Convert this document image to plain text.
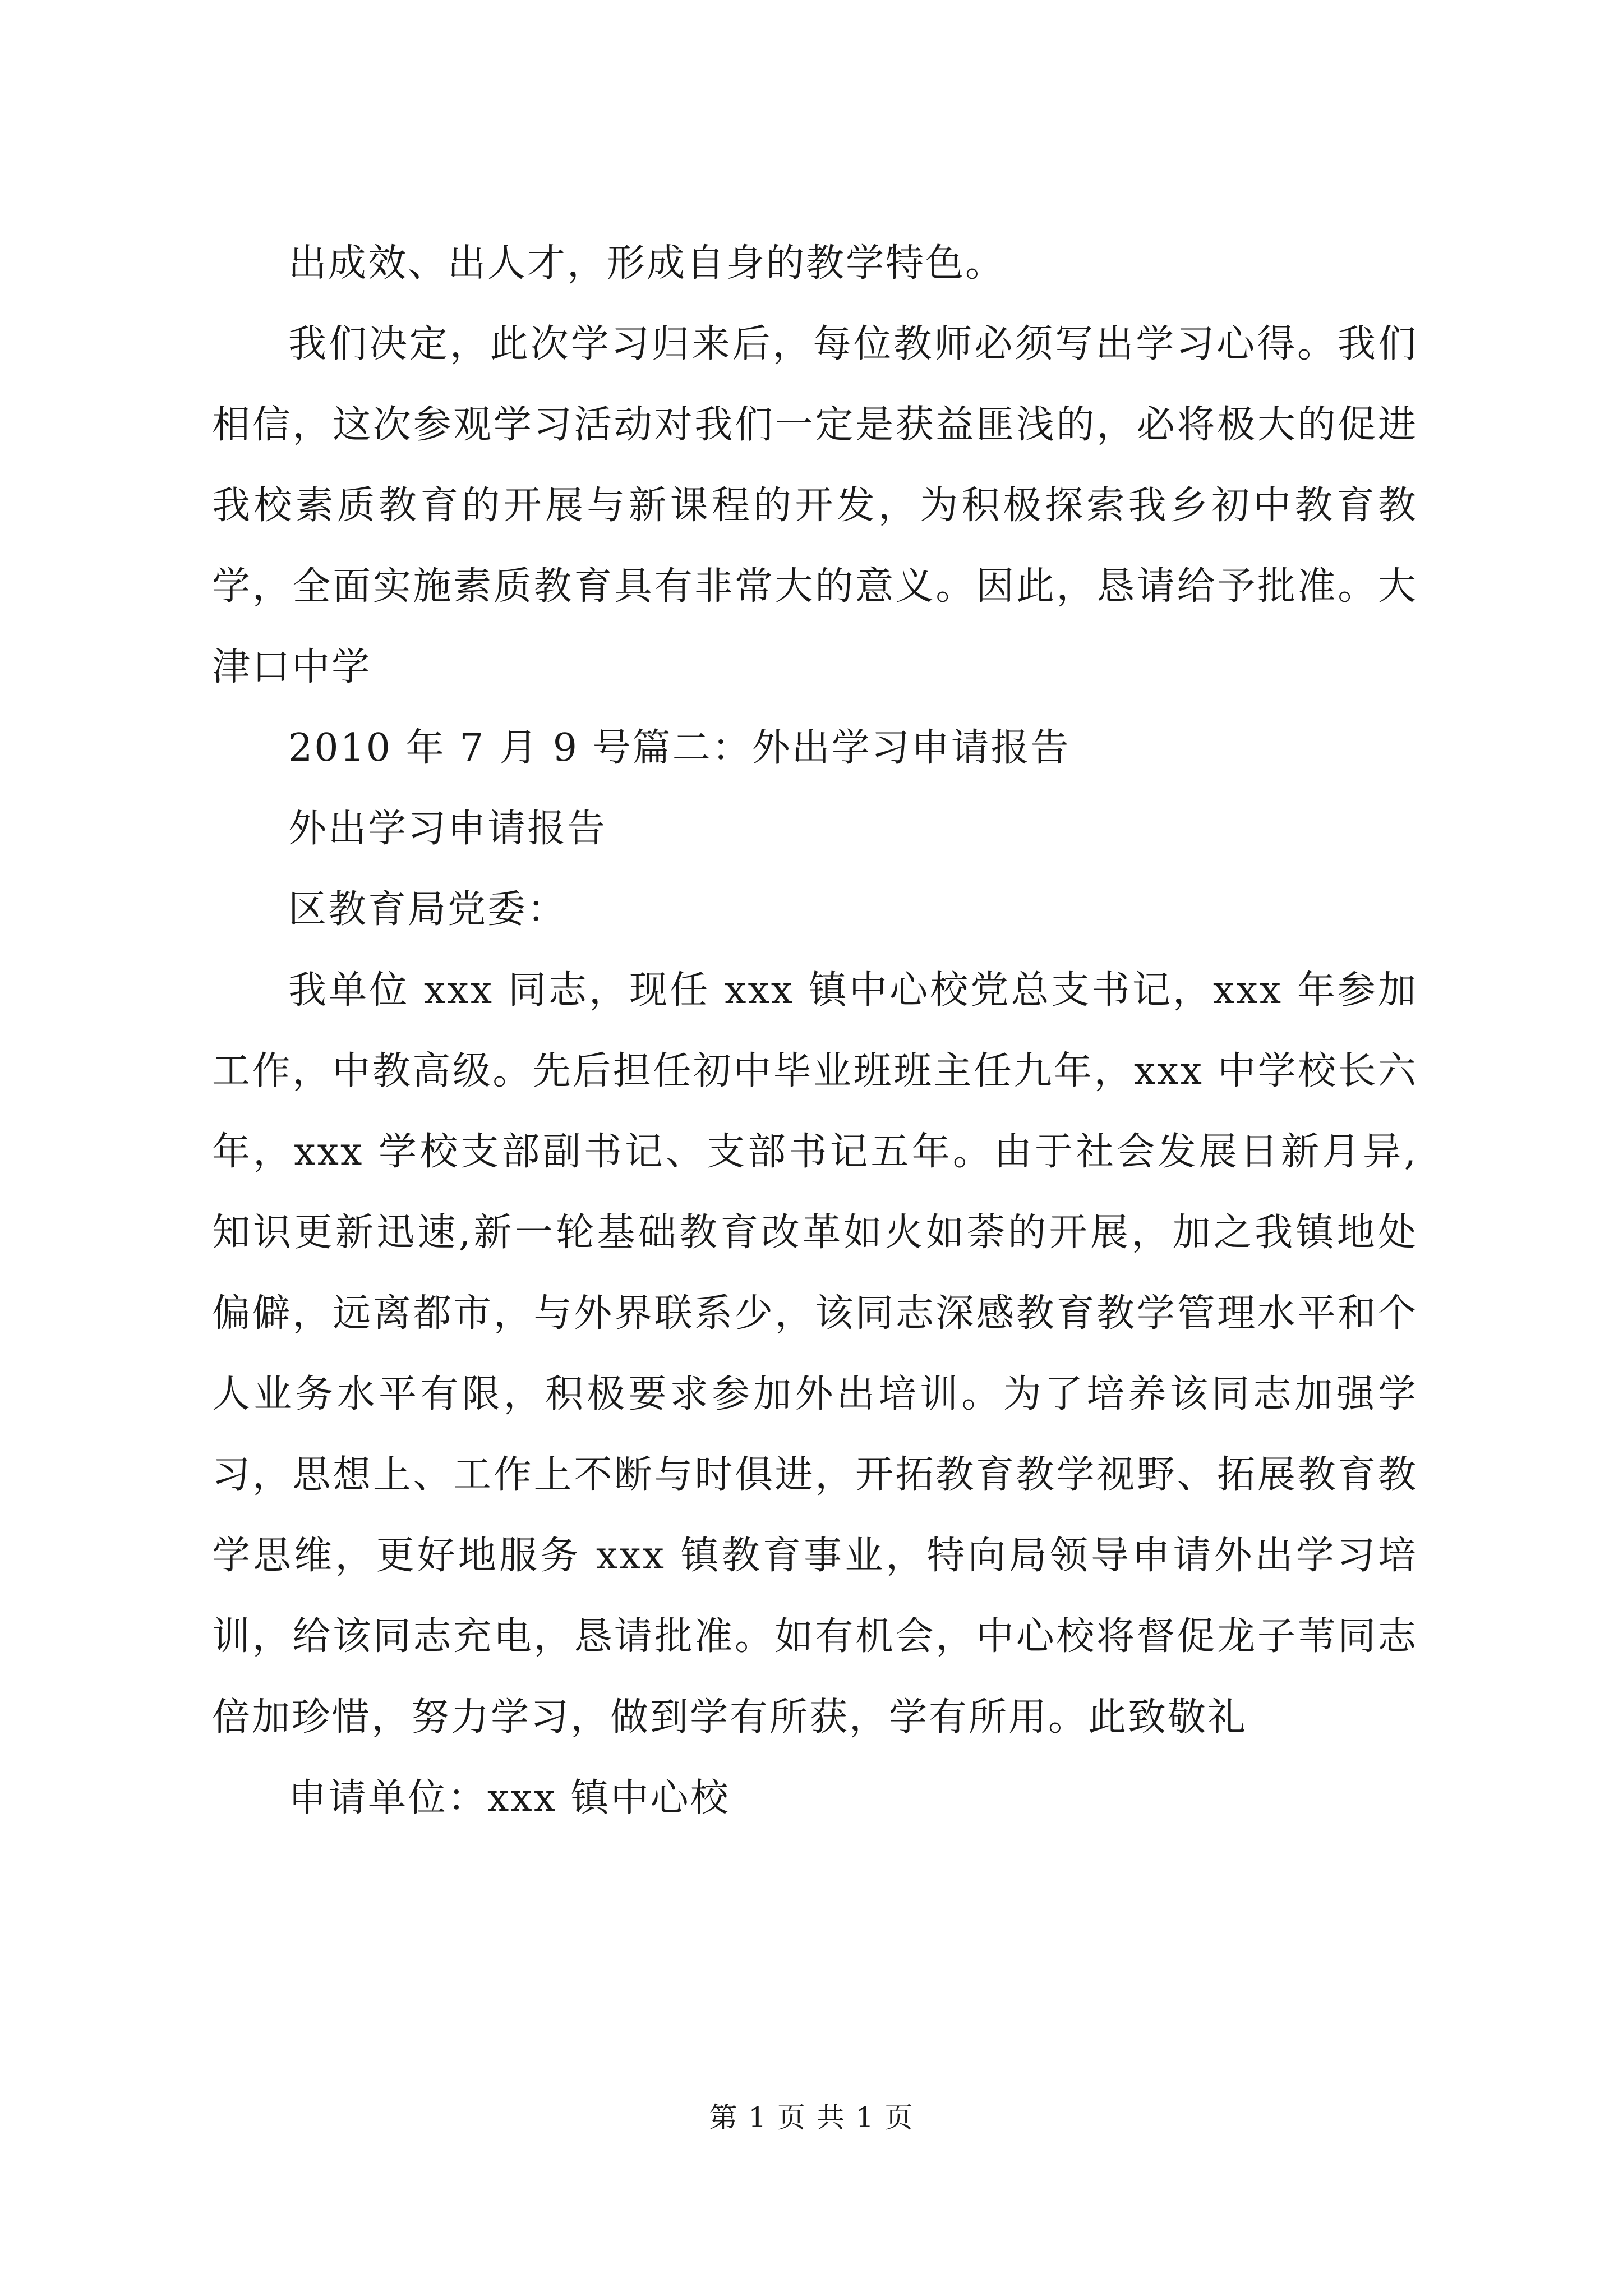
出成效、出人才，形成自身的教学特色。

我们决定，此次学习归来后，每位教师必须写出学习心得。我们相信，这次参观学习活动对我们一定是获益匪浅的，必将极大的促进我校素质教育的开展与新课程的开发，为积极探索我乡初中教育教学，全面实施素质教育具有非常大的意义。因此，恳请给予批准。大津口中学

2010 年 7 月 9 号篇二：外出学习申请报告

外出学习申请报告

区教育局党委：

我单位 xxx 同志，现任 xxx 镇中心校党总支书记，xxx 年参加工作，中教高级。先后担任初中毕业班班主任九年，xxx 中学校长六年，xxx 学校支部副书记、支部书记五年。由于社会发展日新月异,知识更新迅速,新一轮基础教育改革如火如荼的开展，加之我镇地处偏僻，远离都市，与外界联系少，该同志深感教育教学管理水平和个人业务水平有限，积极要求参加外出培训。为了培养该同志加强学习，思想上、工作上不断与时俱进，开拓教育教学视野、拓展教育教学思维，更好地服务 xxx 镇教育事业，特向局领导申请外出学习培训，给该同志充电，恳请批准。如有机会，中心校将督促龙子苇同志倍加珍惜，努力学习，做到学有所获，学有所用。此致敬礼

申请单位：xxx 镇中心校

第 1 页 共 1 页
